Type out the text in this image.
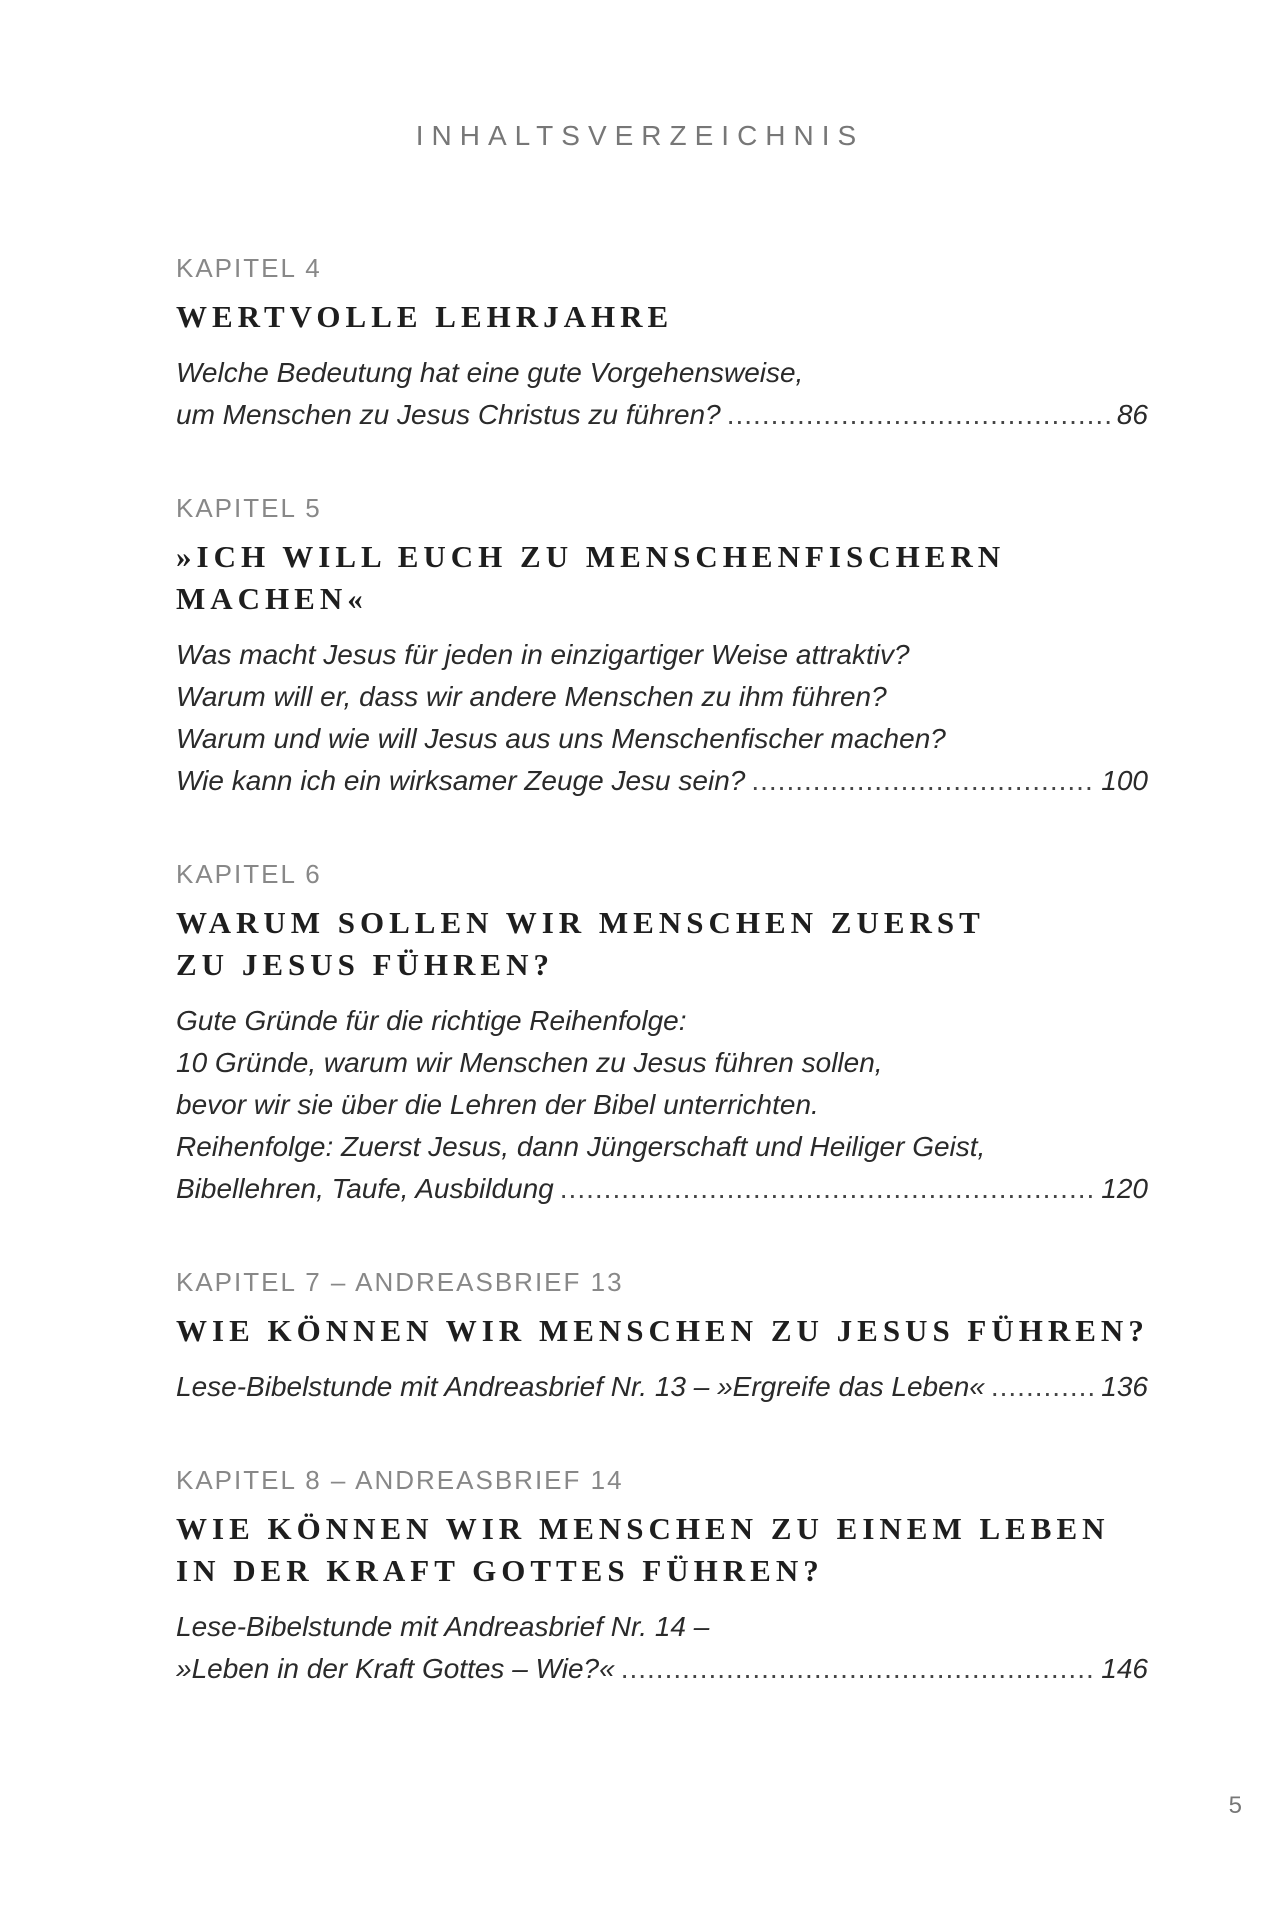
INHALTSVERZEICHNIS
KAPITEL 4
WERTVOLLE LEHRJAHRE
Welche Bedeutung hat eine gute Vorgehensweise,
um Menschen zu Jesus Christus zu führen? .....	86
KAPITEL 5
»ICH WILL EUCH ZU MENSCHENFISCHERN
MACHEN«
Was macht Jesus für jeden in einzigartiger Weise attraktiv?
Warum will er, dass wir andere Menschen zu ihm führen?
Warum und wie will Jesus aus uns Menschenfischer machen?
Wie kann ich ein wirksamer Zeuge Jesu sein? .....	100
KAPITEL 6
WARUM SOLLEN WIR MENSCHEN ZUERST
ZU JESUS FÜHREN?
Gute Gründe für die richtige Reihenfolge:
10 Gründe, warum wir Menschen zu Jesus führen sollen,
bevor wir sie über die Lehren der Bibel unterrichten.
Reihenfolge: Zuerst Jesus, dann Jüngerschaft und Heiliger Geist,
Bibellehren, Taufe, Ausbildung .....	120
KAPITEL 7 – ANDREASBRIEF 13
WIE KÖNNEN WIR MENSCHEN ZU JESUS FÜHREN?
Lese-Bibelstunde mit Andreasbrief Nr. 13 – »Ergreife das Leben« .....	136
KAPITEL 8 – ANDREASBRIEF 14
WIE KÖNNEN WIR MENSCHEN ZU EINEM LEBEN
IN DER KRAFT GOTTES FÜHREN?
Lese-Bibelstunde mit Andreasbrief Nr. 14 –
»Leben in der Kraft Gottes – Wie?« .....	146
5
